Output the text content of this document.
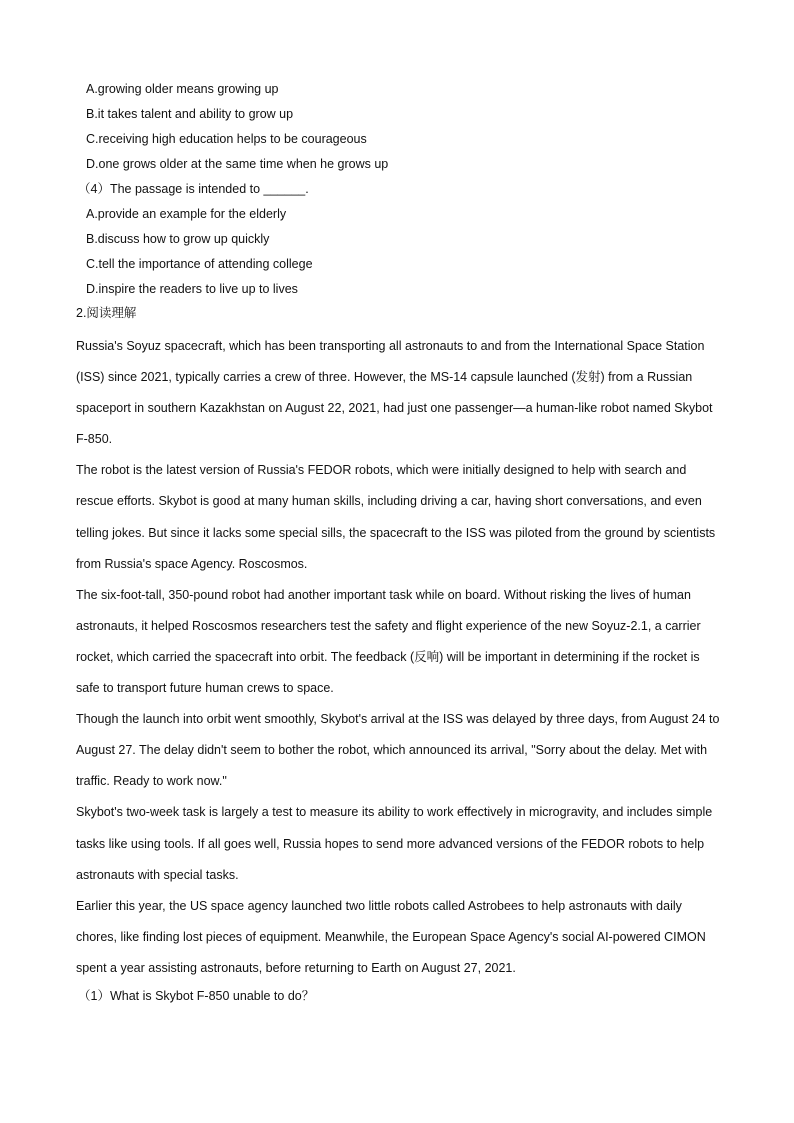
A.growing older means growing up
B.it takes talent and ability to grow up
C.receiving high education helps to be courageous
D.one grows older at the same time when he grows up
（4）The passage is intended to ______.
A.provide an example for the elderly
B.discuss how to grow up quickly
C.tell the importance of attending college
D.inspire the readers to live up to lives
2.阅读理解

Russia's Soyuz spacecraft, which has been transporting all astronauts to and from the International Space Station (ISS) since 2021, typically carries a crew of three. However, the MS-14 capsule launched (发射) from a Russian spaceport in southern Kazakhstan on August 22, 2021, had just one passenger—a human-like robot named Skybot F-850.

The robot is the latest version of Russia's FEDOR robots, which were initially designed to help with search and rescue efforts. Skybot is good at many human skills, including driving a car, having short conversations, and even telling jokes. But since it lacks some special sills, the spacecraft to the ISS was piloted from the ground by scientists from Russia's space Agency. Roscosmos.

The six-foot-tall, 350-pound robot had another important task while on board. Without risking the lives of human astronauts, it helped Roscosmos researchers test the safety and flight experience of the new Soyuz-2.1, a carrier rocket, which carried the spacecraft into orbit. The feedback (反响) will be important in determining if the rocket is safe to transport future human crews to space.

Though the launch into orbit went smoothly, Skybot's arrival at the ISS was delayed by three days, from August 24 to August 27. The delay didn't seem to bother the robot, which announced its arrival, "Sorry about the delay. Met with traffic. Ready to work now."

Skybot's two-week task is largely a test to measure its ability to work effectively in microgravity, and includes simple tasks like using tools. If all goes well, Russia hopes to send more advanced versions of the FEDOR robots to help astronauts with special tasks.

Earlier this year, the US space agency launched two little robots called Astrobees to help astronauts with daily chores, like finding lost pieces of equipment. Meanwhile, the European Space Agency's social AI-powered CIMON spent a year assisting astronauts, before returning to Earth on August 27, 2021.

（1）What is Skybot F-850 unable to do？
